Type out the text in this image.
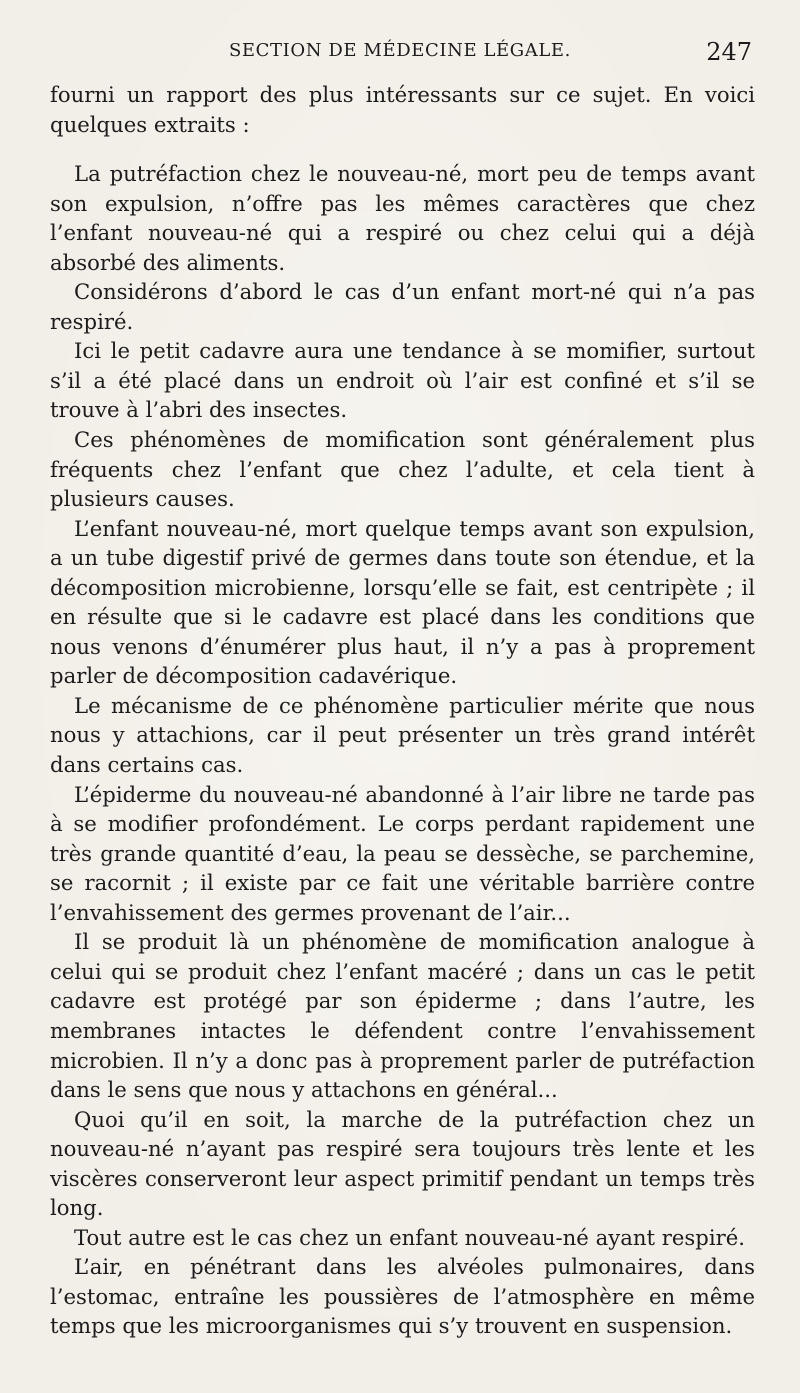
SECTION DE MÉDECINE LÉGALE.	247

fourni un rapport des plus intéressants sur ce sujet. En voici quelques extraits :

La putréfaction chez le nouveau-né, mort peu de temps avant son expulsion, n’offre pas les mêmes caractères que chez l’enfant nouveau-né qui a respiré ou chez celui qui a déjà absorbé des aliments.

Considérons d’abord le cas d’un enfant mort-né qui n’a pas respiré.

Ici le petit cadavre aura une tendance à se momifier, surtout s’il a été placé dans un endroit où l’air est confiné et s’il se trouve à l’abri des insectes.

Ces phénomènes de momification sont généralement plus fréquents chez l’enfant que chez l’adulte, et cela tient à plusieurs causes.

L’enfant nouveau-né, mort quelque temps avant son expulsion, a un tube digestif privé de germes dans toute son étendue, et la décomposition microbienne, lorsqu’elle se fait, est centripète ; il en résulte que si le cadavre est placé dans les conditions que nous venons d’énumérer plus haut, il n’y a pas à proprement parler de décomposition cadavérique.

Le mécanisme de ce phénomène particulier mérite que nous nous y attachions, car il peut présenter un très grand intérêt dans certains cas.

L’épiderme du nouveau-né abandonné à l’air libre ne tarde pas à se modifier profondément. Le corps perdant rapidement une très grande quantité d’eau, la peau se dessèche, se parchemine, se racornit ; il existe par ce fait une véritable barrière contre l’envahissement des germes provenant de l’air...

Il se produit là un phénomène de momification analogue à celui qui se produit chez l’enfant macéré ; dans un cas le petit cadavre est protégé par son épiderme ; dans l’autre, les membranes intactes le défendent contre l’envahissement microbien. Il n’y a donc pas à proprement parler de putréfaction dans le sens que nous y attachons en général...

Quoi qu’il en soit, la marche de la putréfaction chez un nouveau-né n’ayant pas respiré sera toujours très lente et les viscères conserveront leur aspect primitif pendant un temps très long.

Tout autre est le cas chez un enfant nouveau-né ayant respiré.

L’air, en pénétrant dans les alvéoles pulmonaires, dans l’estomac, entraîne les poussières de l’atmosphère en même temps que les microorganismes qui s’y trouvent en suspension.
